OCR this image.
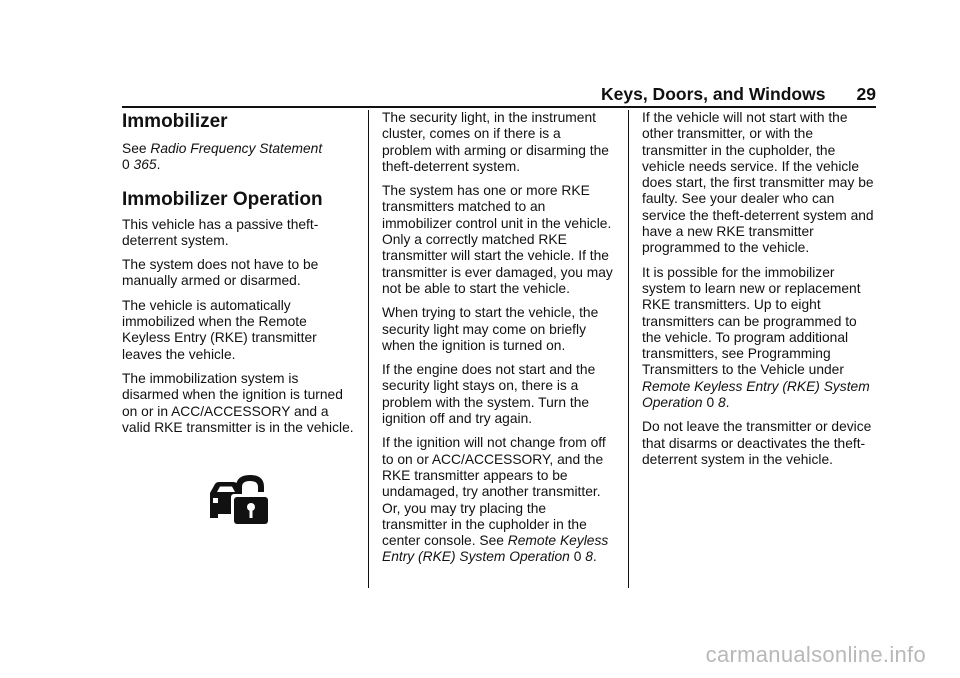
Keys, Doors, and Windows 29
Immobilizer

See Radio Frequency Statement
0 365.

Immobilizer Operation

This vehicle has a passive theft-deterrent system.

The system does not have to be manually armed or disarmed.

The vehicle is automatically immobilized when the Remote Keyless Entry (RKE) transmitter leaves the vehicle.

The immobilization system is disarmed when the ignition is turned on or in ACC/ACCESSORY and a valid RKE transmitter is in the vehicle.

The security light, in the instrument cluster, comes on if there is a problem with arming or disarming the theft-deterrent system.

The system has one or more RKE transmitters matched to an immobilizer control unit in the vehicle. Only a correctly matched RKE transmitter will start the vehicle. If the transmitter is ever damaged, you may not be able to start the vehicle.

When trying to start the vehicle, the security light may come on briefly when the ignition is turned on.

If the engine does not start and the security light stays on, there is a problem with the system. Turn the ignition off and try again.

If the ignition will not change from off to on or ACC/ACCESSORY, and the RKE transmitter appears to be undamaged, try another transmitter. Or, you may try placing the transmitter in the cupholder in the center console. See Remote Keyless Entry (RKE) System Operation 0 8.

If the vehicle will not start with the other transmitter, or with the transmitter in the cupholder, the vehicle needs service. If the vehicle does start, the first transmitter may be faulty. See your dealer who can service the theft-deterrent system and have a new RKE transmitter programmed to the vehicle.

It is possible for the immobilizer system to learn new or replacement RKE transmitters. Up to eight transmitters can be programmed to the vehicle. To program additional transmitters, see Programming Transmitters to the Vehicle under Remote Keyless Entry (RKE) System Operation 0 8.

Do not leave the transmitter or device that disarms or deactivates the theft-deterrent system in the vehicle.

carmanualsonline.info
